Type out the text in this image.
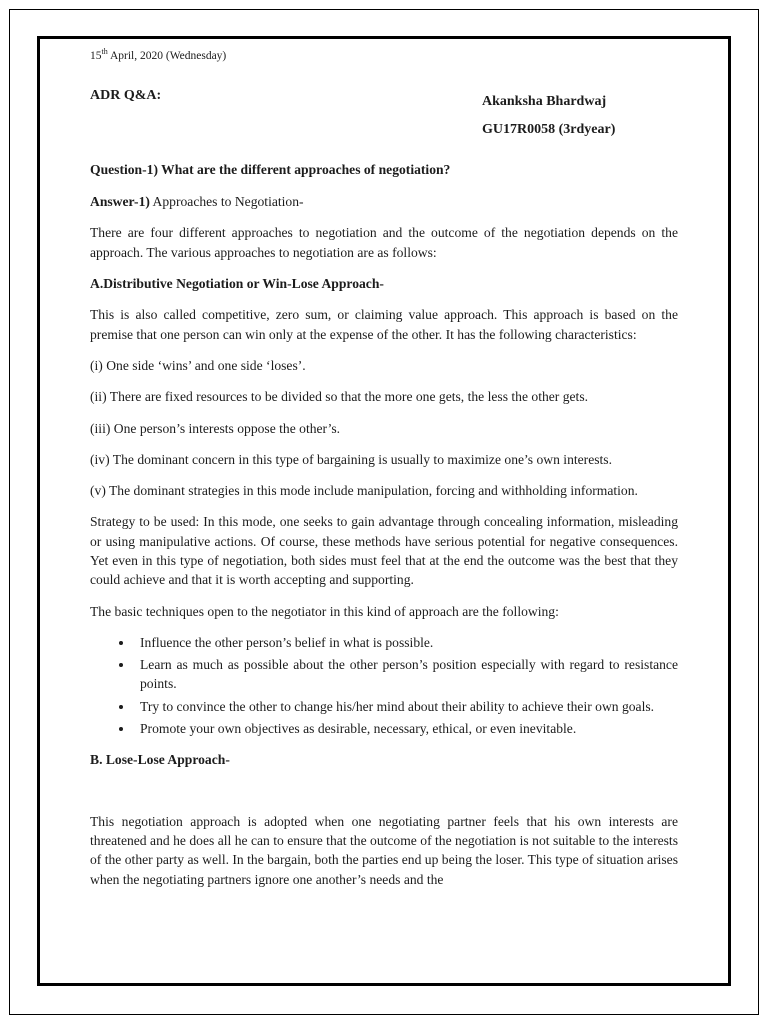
15th April, 2020 (Wednesday)
ADR Q&A:	Akanksha Bhardwaj
GU17R0058 (3rdyear)

Question-1) What are the different approaches of negotiation?

Answer-1) Approaches to Negotiation-

There are four different approaches to negotiation and the outcome of the negotiation depends on the approach. The various approaches to negotiation are as follows:

A.Distributive Negotiation or Win-Lose Approach-

This is also called competitive, zero sum, or claiming value approach. This approach is based on the premise that one person can win only at the expense of the other. It has the following characteristics:

(i) One side ‘wins’ and one side ‘loses’.

(ii) There are fixed resources to be divided so that the more one gets, the less the other gets.

(iii) One person’s interests oppose the other’s.

(iv) The dominant concern in this type of bargaining is usually to maximize one’s own interests.

(v) The dominant strategies in this mode include manipulation, forcing and withholding information.

Strategy to be used: In this mode, one seeks to gain advantage through concealing information, misleading or using manipulative actions. Of course, these methods have serious potential for negative consequences. Yet even in this type of negotiation, both sides must feel that at the end the outcome was the best that they could achieve and that it is worth accepting and supporting.

The basic techniques open to the negotiator in this kind of approach are the following:

• Influence the other person’s belief in what is possible.
• Learn as much as possible about the other person’s position especially with regard to resistance points.
• Try to convince the other to change his/her mind about their ability to achieve their own goals.
• Promote your own objectives as desirable, necessary, ethical, or even inevitable.

B. Lose-Lose Approach-

This negotiation approach is adopted when one negotiating partner feels that his own interests are threatened and he does all he can to ensure that the outcome of the negotiation is not suitable to the interests of the other party as well. In the bargain, both the parties end up being the loser. This type of situation arises when the negotiating partners ignore one another’s needs and the
